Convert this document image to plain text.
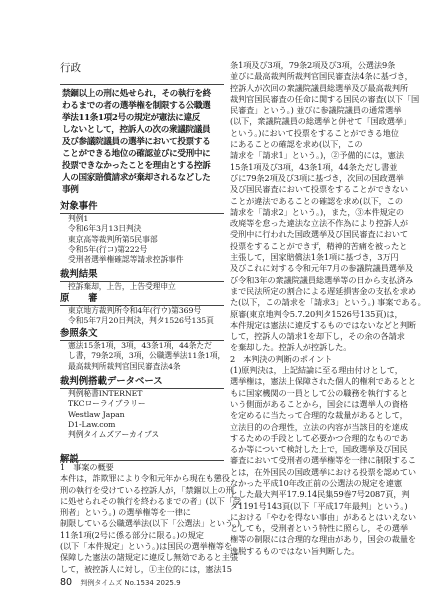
行政
禁錮以上の刑に処せられ，その執行を終
わるまでの者の選挙権を制限する公職選
挙法11条1項2号の規定が憲法に違反
しないとして，控訴人の次の衆議院議員
及び参議院議員の選挙において投票する
ことができる地位の確認並びに受刑中に
投票できなかったことを理由とする控訴
人の国家賠償請求が棄却されるなどした
事例
対象事件
判例1
令和6年3月13日判決
東京高等裁判所第5民事部
令和5年(行コ)第222号
受刑者選挙権確認等請求控訴事件
裁判結果
控訴棄却，上告，上告受理申立
原　　審
東京地方裁判所令和4年(行ウ)第369号
令和5年7月20日判決，判タ1526号135頁
参照条文
憲法15条1項，3項，43条1項，44条ただ
し書，79条2項，3項，公職選挙法11条1項，
最高裁判所裁判官国民審査法4条
1　事案の概要
本件は，詐欺罪により令和元年から現在も懲役
刑の執行を受けている控訴人が，「禁錮以上の刑
に処せられその執行を終わるまでの者」(以下「受
刑者」という。) の選挙権等を一律に
制限している公職選挙法(以下「公選法」という。)
11条1項(2号に係る部分に限る。)の規定
(以下「本件規定」という。)は国民の選挙権等を
保障した憲法の諸規定に違反し無効であると主張
して，被控訴人に対し，①主位的には，憲法15
条1項及び3項，79条2項及び3項，公選法9条
並びに最高裁判所裁判官国民審査法4条に基づき，
控訴人が次回の衆議院議員総選挙及び最高裁判所
裁判官国民審査の任命に関する国民の審査(以下「国
民審査」という。) 並びに参議院議員の通常選挙
(以下，衆議院議員の総選挙と併せて「国政選挙」
という。)において投票をすることができる地位
にあることの確認を求め(以下，この
請求を「請求1」という。)，②予備的には，憲法
15条1項及び3項，43条1項，44条ただし書並
びに79条2項及び3項に基づき，次回の国政選挙
及び国民審査において投票をすることができない
ことが違法であることの確認を求め(以下，この
請求を「請求2」という。)，また，③本件規定の
改廃等を怠った違法な立法不作為により控訴人が
受刑中に行われた国政選挙及び国民審査において
投票をすることができず，精神的苦痛を被ったと
主張して，国家賠償法1条1項に基づき，3万円
及びこれに対する令和元年7月の参議院議員選挙及
び令和3年の衆議院議員総選挙等の日から支払済み
まで民法所定の割合による遅延損害金の支払を求め
た(以下，この請求を「請求3」という。) 事案である。
原審(東京地判令5.7.20判タ1526号135頁)は，
本件規定は憲法に違反するものではないなどと判断
して，控訴人の請求1を却下し，その余の各請求
を棄却した。控訴人が控訴した。
2　本判決の判断のポイント
(1)原判決は，上記結論に至る理由付けとして，
選挙権は，憲法上保障された個人的権利であるとと
もに国家機関の一員として公の職務を執行すると
いう側面があることから，国会には選挙人の資格
を定めるに当たって合理的な裁量があるとして，
立法目的の合理性，立法の内容が当該目的を達成
するための手段として必要かつ合理的なものであ
るか等について検討した上で，国政選挙及び国民
審査において受刑者の選挙権等を一律に制限するこ
とは，在外国民の国政選挙における投票を認めてい
なかった平成10年改正前の公選法の規定を違憲
とした最大判平17.9.14民集59巻7号2087頁，判
タ1191号143頁(以下「平成17年最判」という。)
における「やむを得ない事由」があるとはいえない
としても，受刑者という特性に照らし，その選挙
権等の制限には合理的な理由があり，国会の裁量を
逸脱するものではない旨判断した。
80 判例タイムズ No.1534 2025.9
裁判例搭載データベース
判例秘書INTERNET
TKCローライブラリー
Westlaw Japan
D1-Law.com
判例タイムズアーカイブス
